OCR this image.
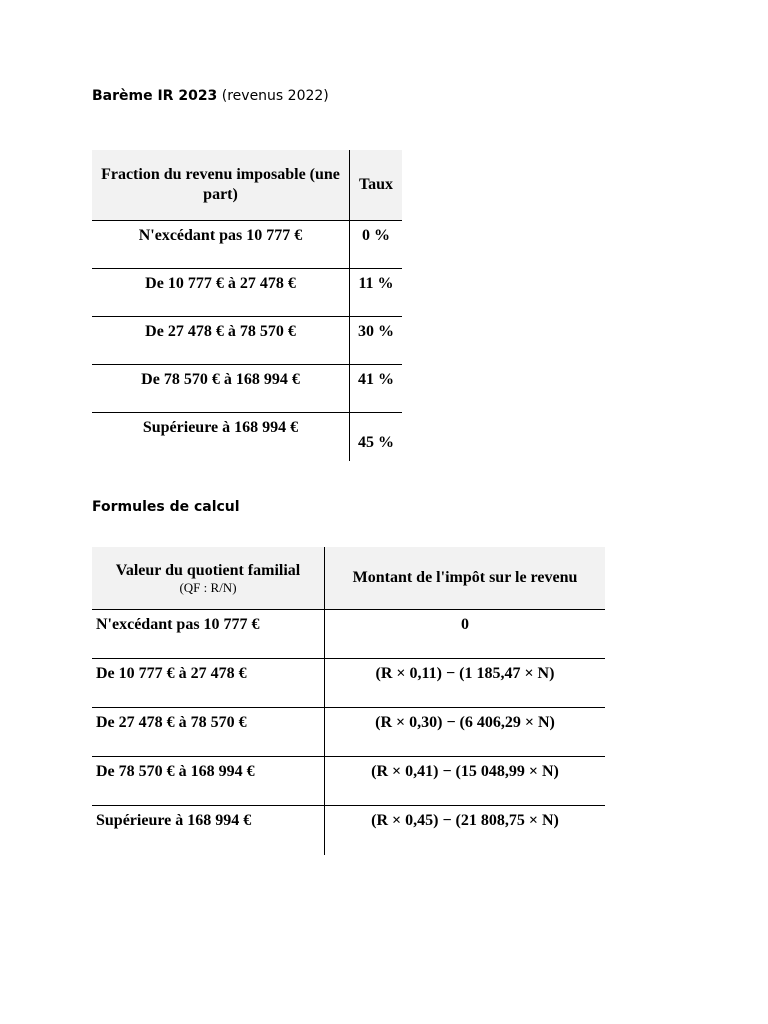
Barème IR 2023 (revenus 2022)
Fraction du revenu imposable (une part)	Taux
N'excédant pas 10 777 €	0 %
De 10 777 € à 27 478 €	11 %
De 27 478 € à 78 570 €	30 %
De 78 570 € à 168 994 €	41 %
Supérieure à 168 994 €	45 %
Formules de calcul
Valeur du quotient familial
(QF : R/N)	Montant de l'impôt sur le revenu
N'excédant pas 10 777 €	0
De 10 777 € à 27 478 €	(R × 0,11) − (1 185,47 × N)
De 27 478 € à 78 570 €	(R × 0,30) − (6 406,29 × N)
De 78 570 € à 168 994 €	(R × 0,41) − (15 048,99 × N)
Supérieure à 168 994 €	(R × 0,45) − (21 808,75 × N)
